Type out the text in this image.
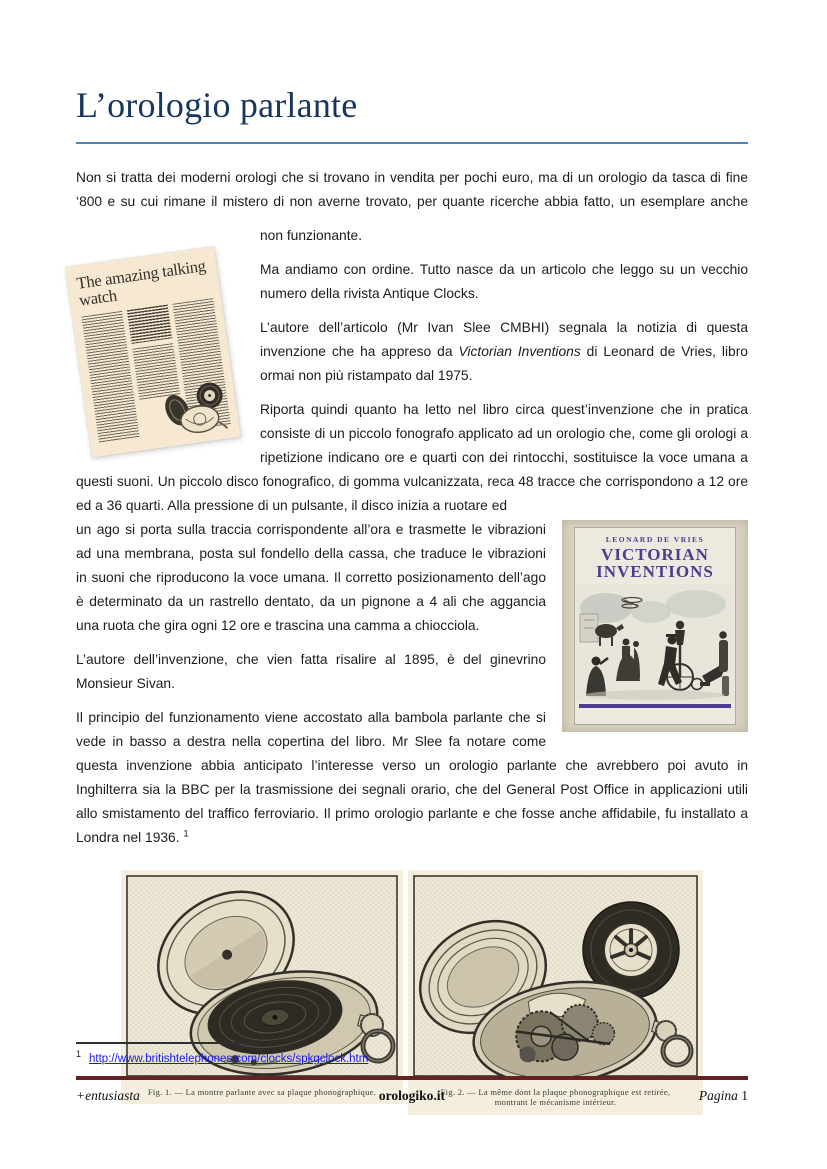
L’orologio parlante

Non si tratta dei moderni orologi che si trovano in vendita per pochi euro, ma di un orologio da tasca di fine ‘800 e su cui rimane il mistero di non averne trovato, per quante ricerche abbia fatto, un esemplare anche

The amazing talking watch

non funzionante.

Ma andiamo con ordine. Tutto nasce da un articolo che leggo su un vecchio numero della rivista Antique Clocks.

L’autore dell’articolo (Mr Ivan Slee CMBHI) segnala la notizia di questa invenzione che ha appreso da Victorian Inventions di Leonard de Vries, libro ormai non più ristampato dal 1975.

Riporta quindi quanto ha letto nel libro circa quest’invenzione che in pratica consiste di un piccolo fonografo applicato ad un orologio che, come gli orologi a ripetizione indicano ore e quarti con dei rintocchi, sostituisce la voce umana a questi suoni. Un piccolo disco fonografico, di gomma vulcanizzata, reca 48 tracce che corrispondono a 12 ore ed a 36 quarti. Alla pressione di un pulsante, il disco inizia a ruotare ed

LEONARD DE VRIES
VICTORIAN
INVENTIONS

un ago si porta sulla traccia corrispondente all’ora e trasmette le vibrazioni ad una membrana, posta sul fondello della cassa, che traduce le vibrazioni in suoni che riproducono la voce umana. Il corretto posizionamento dell’ago è determinato da un rastrello dentato, da un pignone a 4 ali che aggancia una ruota che gira ogni 12 ore e trascina una camma a chiocciola.

L’autore dell’invenzione, che vien fatta risalire al 1895, è del ginevrino Monsieur Sivan.

Il principio del funzionamento viene accostato alla bambola parlante che si vede in basso a destra nella copertina del libro. Mr Slee fa notare come questa invenzione abbia anticipato l’interesse verso un orologio parlante che avrebbero poi avuto in Inghilterra sia la BBC per la trasmissione dei segnali orario, che del General Post Office in applicazioni utili allo smistamento del traffico ferroviario. Il primo orologio parlante e che fosse anche affidabile, fu installato a Londra nel 1936. $^1$

Fig. 1. — La montre parlante avec sa plaque phonographique.	Fig. 2. — La même dont la plaque phonographique est retirée,
montrant le mécanisme intérieur.
$^1$ http://www.britishtelephones.com/clocks/spkgclock.htm
+entusiasta	orologiko.it	Pagina 1
